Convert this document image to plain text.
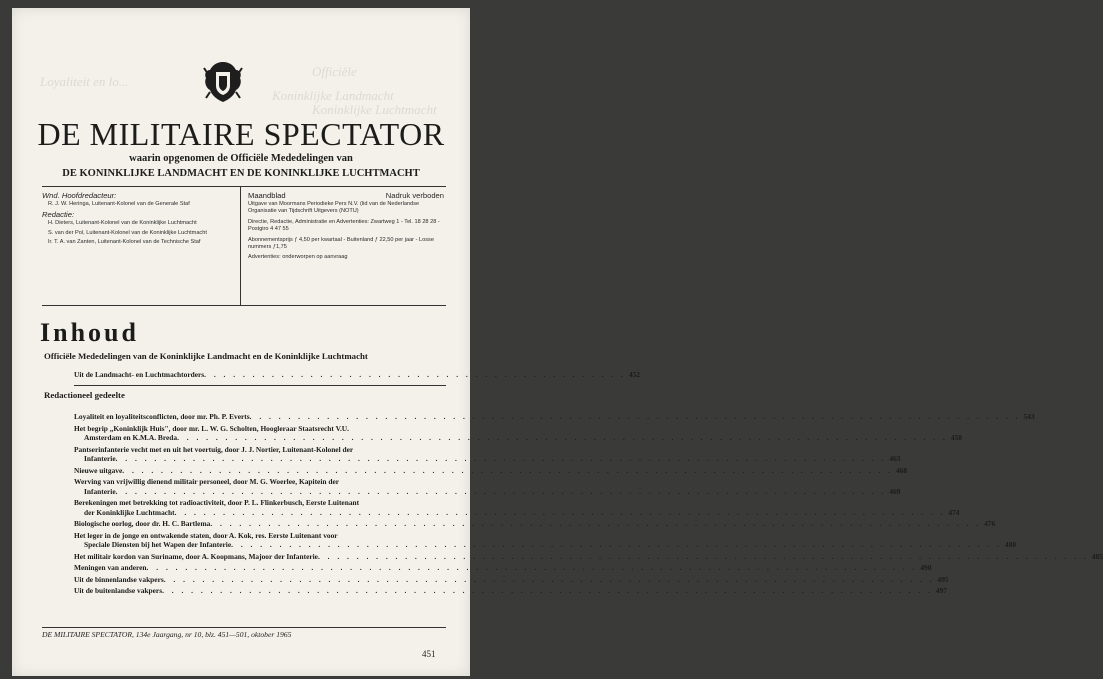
Loyaliteit en lo...
Officiële
Koninklijke Landmacht
Koninklijke Luchtmacht
DE MILITAIRE SPECTATOR
waarin opgenomen de Officiële Mededelingen van
DE KONINKLIJKE LANDMACHT EN DE KONINKLIJKE LUCHTMACHT
Wnd. Hoofdredacteur:
R. J. W. Heringa, Luitenant-Kolonel van de Generale Staf
Redactie:
H. Dieters, Luitenant-Kolonel van de Koninklijke Luchtmacht
S. van der Pol, Luitenant-Kolonel van de Koninklijke Luchtmacht
Ir. T. A. van Zanten, Luitenant-Kolonel van de Technische Staf
Maandblad	Nadruk verboden
Uitgave van Moormans Periodieke Pers N.V. (lid van de Nederlandse Organisatie van Tijdschrift Uitgevers (NOTU)
Directie, Redactie, Administratie en Advertenties: Zwartweg 1 - Tel. 18 28 28 - Postgiro 4 47 55
Abonnementsprijs ƒ 4,50 per kwartaal - Buitenland ƒ 22,50 per jaar - Losse nummers ƒ1,75
Advertenties: onderworpen op aanvraag
Inhoud
Officiële Mededelingen van de Koninklijke Landmacht en de Koninklijke Luchtmacht
Uit de Landmacht- en Luchtmachtorders . . . . . . . . . . . . . . . . . . . . . . . . . . . . . . . . . . . . . . . . . . . . 452
Redactioneel gedeelte
Loyaliteit en loyaliteitsconflicten, door mr. Ph. P. Everts . . . . . . . . . . . . . . . . . . . . . . . . . . . . . . . . . . . . . . . . . . . . . . . . . . . . . . . . . . . . . . . . . . . . . . . . . . . . . . . . 543
Het begrip „Koninklijk Huis", door mr. L. W. G. Scholten, Hoogleraar Staatsrecht V.U.
Amsterdam en K.M.A. Breda . . . . . . . . . . . . . . . . . . . . . . . . . . . . . . . . . . . . . . . . . . . . . . . . . . . . . . . . . . . . . . . . . . . . . . . . . . . . . . . . 458
Pantserinfanterie vecht met en uit het voertuig, door J. J. Nortier, Luitenant-Kolonel der
Infanterie . . . . . . . . . . . . . . . . . . . . . . . . . . . . . . . . . . . . . . . . . . . . . . . . . . . . . . . . . . . . . . . . . . . . . . . . . . . . . . . . 463
Nieuwe uitgave . . . . . . . . . . . . . . . . . . . . . . . . . . . . . . . . . . . . . . . . . . . . . . . . . . . . . . . . . . . . . . . . . . . . . . . . . . . . . . . . 468
Werving van vrijwillig dienend militair personeel, door M. G. Woerlee, Kapitein der
Infanterie . . . . . . . . . . . . . . . . . . . . . . . . . . . . . . . . . . . . . . . . . . . . . . . . . . . . . . . . . . . . . . . . . . . . . . . . . . . . . . . . 469
Berekeningen met betrekking tot radioactiviteit, door P. L. Flinkerbusch, Eerste Luitenant
der Koninklijke Luchtmacht . . . . . . . . . . . . . . . . . . . . . . . . . . . . . . . . . . . . . . . . . . . . . . . . . . . . . . . . . . . . . . . . . . . . . . . . . . . . . . . . 474
Biologische oorlog, door dr. H. C. Bartlema . . . . . . . . . . . . . . . . . . . . . . . . . . . . . . . . . . . . . . . . . . . . . . . . . . . . . . . . . . . . . . . . . . . . . . . . . . . . . . . . 476
Het leger in de jonge en ontwakende staten, door A. Kok, res. Eerste Luitenant voor
Speciale Diensten bij het Wapen der Infanterie . . . . . . . . . . . . . . . . . . . . . . . . . . . . . . . . . . . . . . . . . . . . . . . . . . . . . . . . . . . . . . . . . . . . . . . . . . . . . . . . 480
Het militair kordon van Suriname, door A. Koopmans, Majoor der Infanterie . . . . . . . . . . . . . . . . . . . . . . . . . . . . . . . . . . . . . . . . . . . . . . . . . . . . . . . . . . . . . . . . . . . . . . . . . . . . . . . . 485
Meningen van anderen . . . . . . . . . . . . . . . . . . . . . . . . . . . . . . . . . . . . . . . . . . . . . . . . . . . . . . . . . . . . . . . . . . . . . . . . . . . . . . . . 490
Uit de binnenlandse vakpers . . . . . . . . . . . . . . . . . . . . . . . . . . . . . . . . . . . . . . . . . . . . . . . . . . . . . . . . . . . . . . . . . . . . . . . . . . . . . . . . 495
Uit de buitenlandse vakpers . . . . . . . . . . . . . . . . . . . . . . . . . . . . . . . . . . . . . . . . . . . . . . . . . . . . . . . . . . . . . . . . . . . . . . . . . . . . . . . . 497
DE MILITAIRE SPECTATOR, 134e Jaargang, nr 10, blz. 451—501, oktober 1965
451
